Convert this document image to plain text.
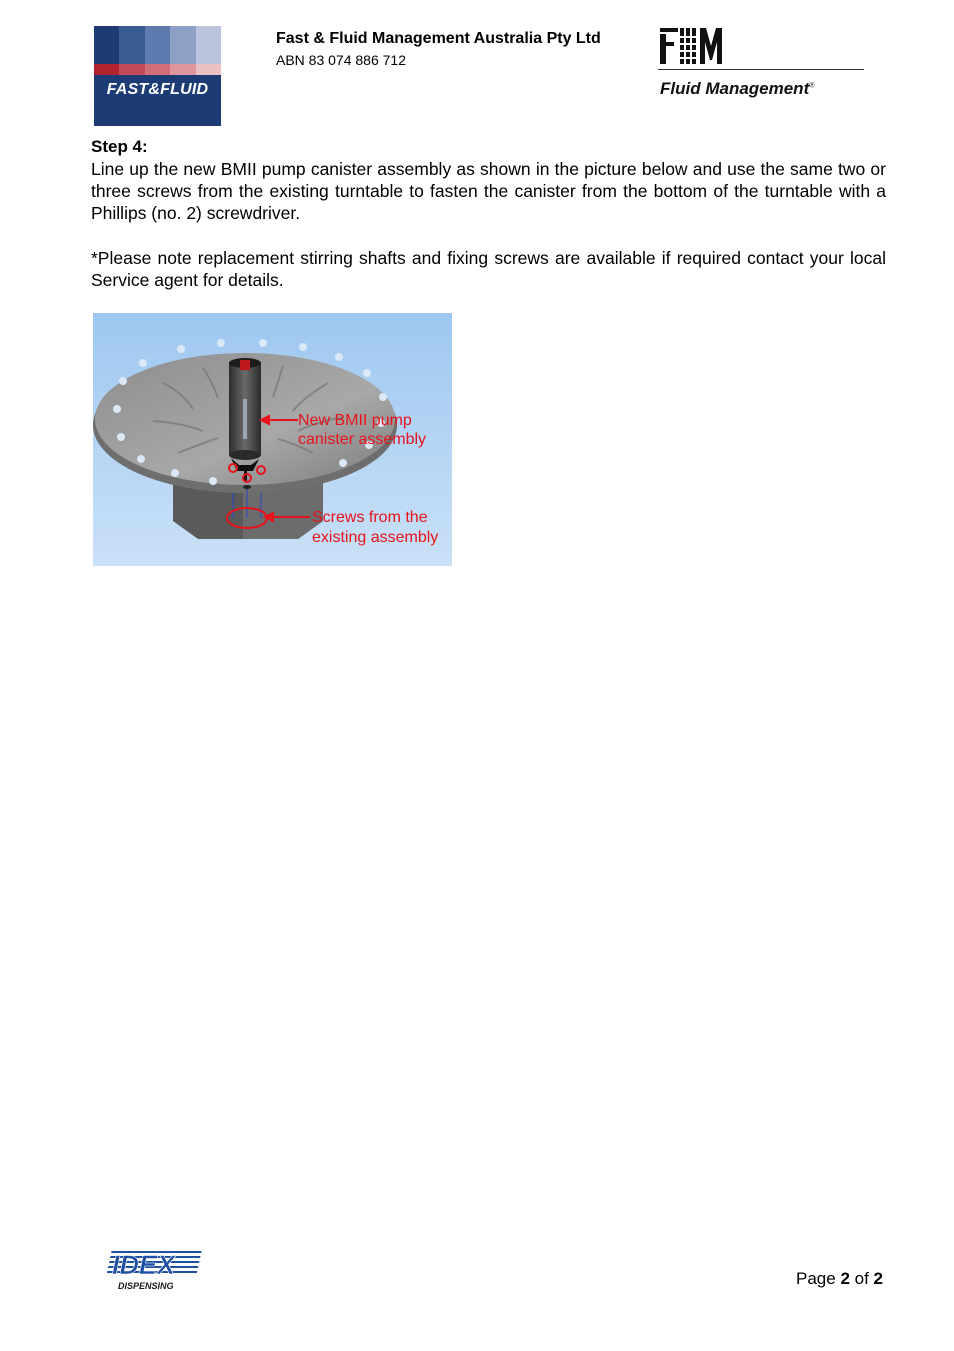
FAST&FLUID
THE TINTING COMPANY
Fast & Fluid Management Australia Pty Ltd
ABN 83 074 886 712
Fluid Management®
Step 4:
Line up the new BMII pump canister assembly as shown in the picture below and use the same two or three screws from the existing turntable to fasten the canister from the bottom of the turntable with a Phillips (no. 2) screwdriver.
*Please note replacement stirring shafts and fixing screws are available if required contact your local Service agent for details.
New BMII pump
canister assembly
Screws from the
existing assembly
IDEX
DISPENSING	Page 2 of 2
